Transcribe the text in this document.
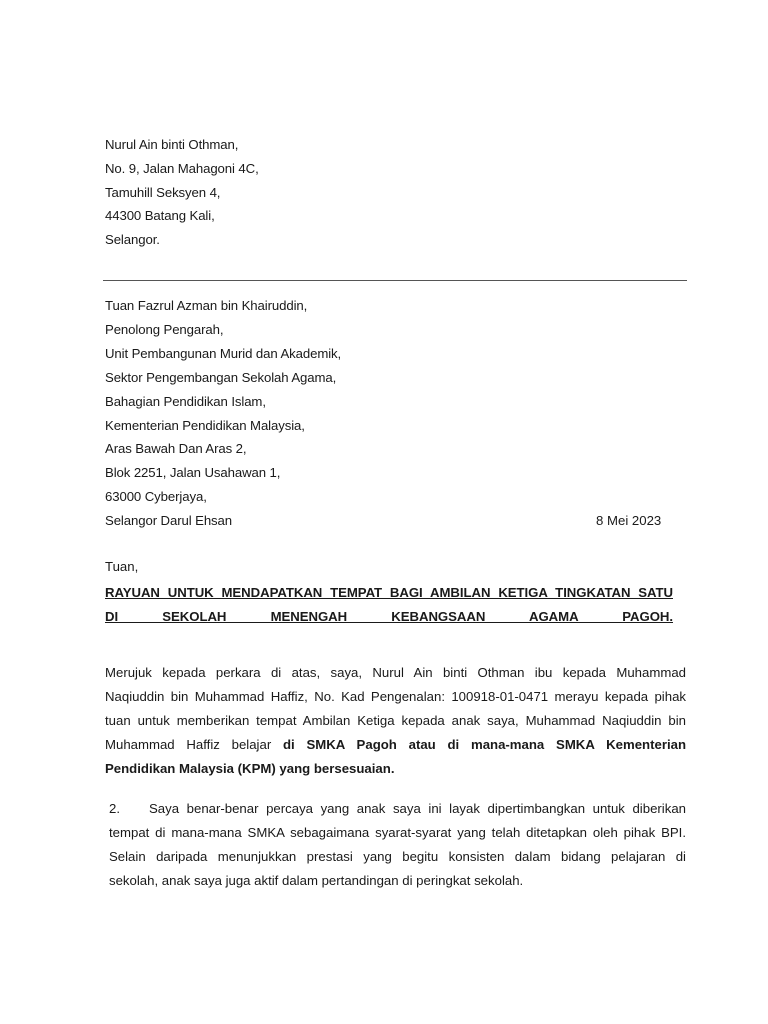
Nurul Ain binti Othman,
No. 9, Jalan Mahagoni 4C,
Tamuhill Seksyen 4,
44300 Batang Kali,
Selangor.
Tuan Fazrul Azman bin Khairuddin,
Penolong Pengarah,
Unit Pembangunan Murid dan Akademik,
Sektor Pengembangan Sekolah Agama,
Bahagian Pendidikan Islam,
Kementerian Pendidikan Malaysia,
Aras Bawah Dan Aras 2,
Blok 2251, Jalan Usahawan 1,
63000 Cyberjaya,
Selangor Darul Ehsan	8 Mei 2023
Tuan,
RAYUAN UNTUK MENDAPATKAN TEMPAT BAGI AMBILAN KETIGA TINGKATAN SATU
DI SEKOLAH MENENGAH KEBANGSAAN AGAMA PAGOH.
Merujuk kepada perkara di atas, saya, Nurul Ain binti Othman ibu kepada Muhammad
Naqiuddin bin Muhammad Haffiz, No. Kad Pengenalan: 100918-01-0471 merayu kepada pihak
tuan untuk memberikan tempat Ambilan Ketiga kepada anak saya, Muhammad Naqiuddin bin
Muhammad Haffiz belajar di SMKA Pagoh atau di mana-mana SMKA Kementerian
Pendidikan Malaysia (KPM) yang bersesuaian.
2. Saya benar-benar percaya yang anak saya ini layak dipertimbangkan untuk diberikan
tempat di mana-mana SMKA sebagaimana syarat-syarat yang telah ditetapkan oleh pihak BPI.
Selain daripada menunjukkan prestasi yang begitu konsisten dalam bidang pelajaran di
sekolah, anak saya juga aktif dalam pertandingan di peringkat sekolah.
